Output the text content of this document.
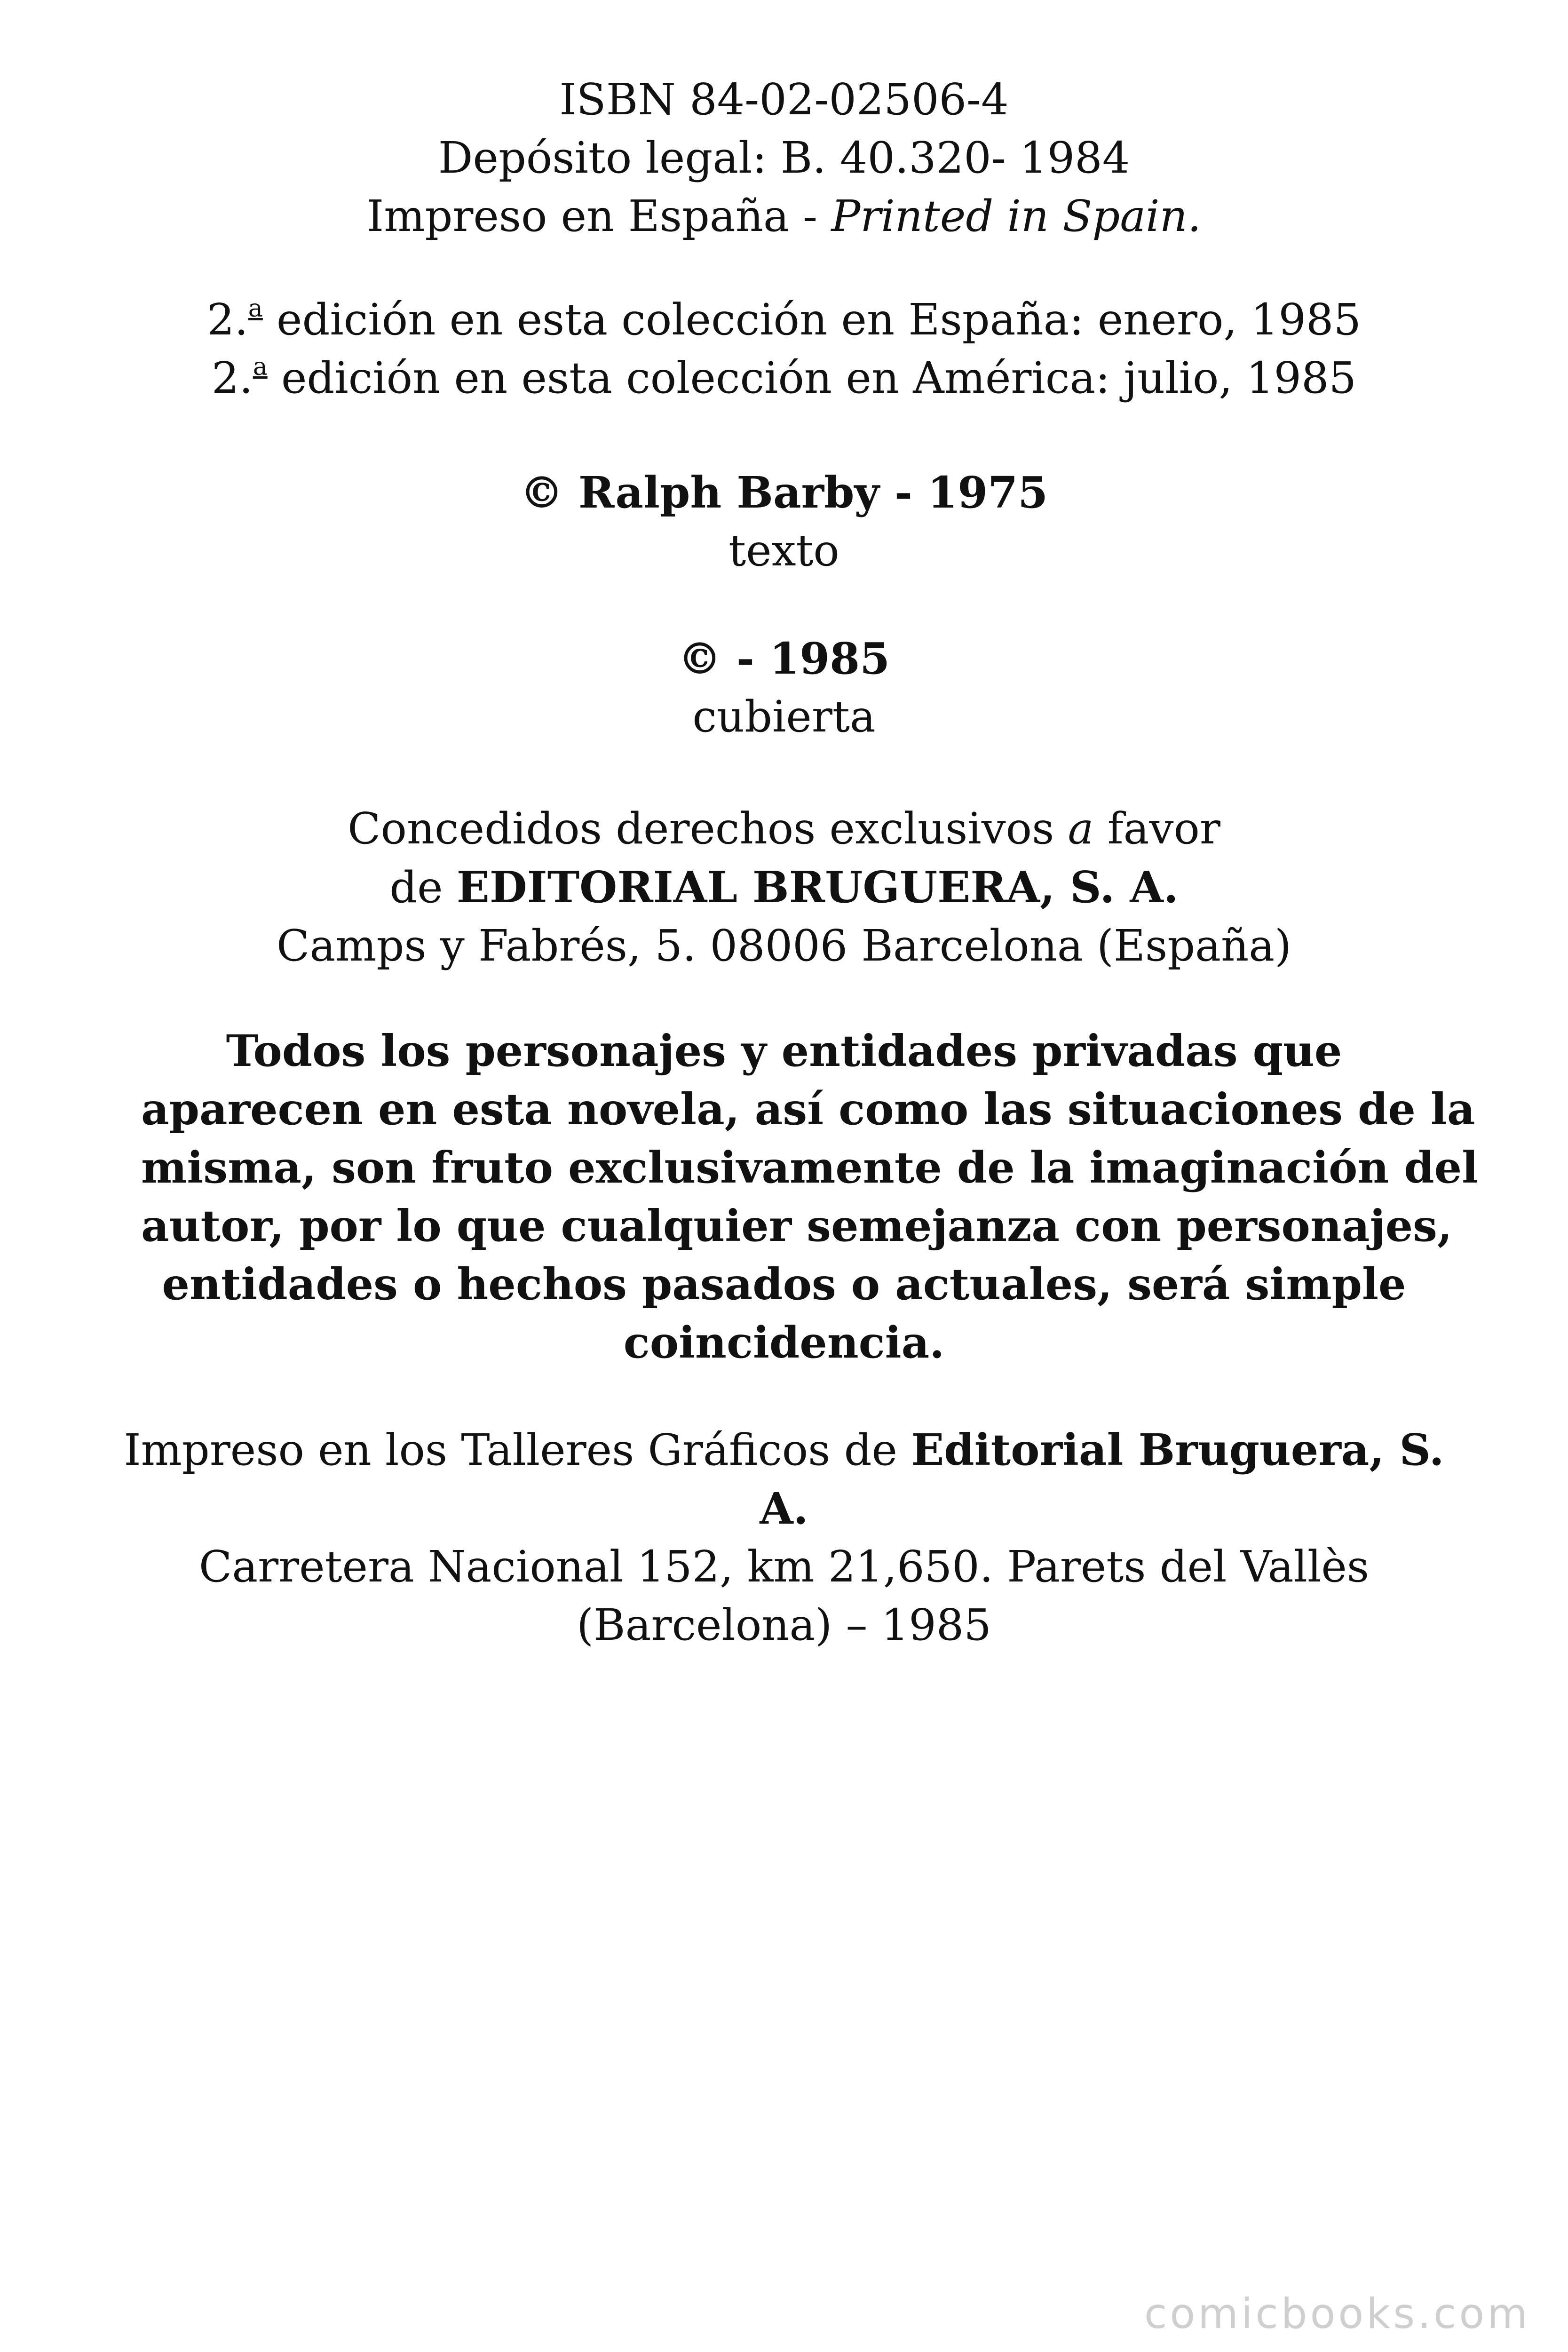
ISBN 84-02-02506-4
Depósito legal: B. 40.320- 1984
Impreso en España - Printed in Spain.
2.$^a$ edición en esta colección en España: enero, 1985
2.$^a$ edición en esta colección en América: julio, 1985
© Ralph Barby - 1975
texto
© - 1985
cubierta
Concedidos derechos exclusivos a favor
de EDITORIAL BRUGUERA, S. A.
Camps y Fabrés, 5. 08006 Barcelona (España)
Todos los personajes y entidades privadas que
aparecen en esta novela, así como las situaciones de la
misma, son fruto exclusivamente de la imaginación del
autor, por lo que cualquier semejanza con personajes,
entidades o hechos pasados o actuales, será simple
coincidencia.
Impreso en los Talleres Gráficos de Editorial Bruguera, S.
A.
Carretera Nacional 152, km 21,650. Parets del Vallès
(Barcelona) – 1985
comicbooks.com
